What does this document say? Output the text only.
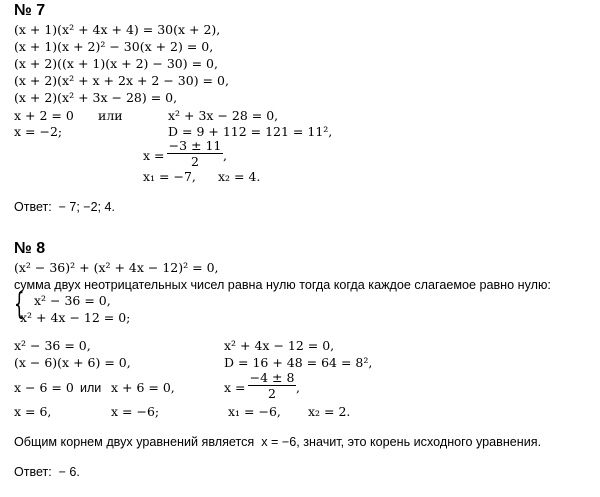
№ 7
(x + 1)(x² + 4x + 4) = 30(x + 2),
(x + 1)(x + 2)² − 30(x + 2) = 0,
(x + 2)((x + 1)(x + 2) − 30) = 0,
(x + 2)(x² + x + 2x + 2 − 30) = 0,
(x + 2)(x² + 3x − 28) = 0,
x + 2 = 0 или
x = −2;
x² + 3x − 28 = 0,
D = 9 + 112 = 121 = 11²,
x =
−3 ± 11
2	,
x₁ = −7, x₂ = 4.
Ответ:  − 7; −2; 4.
№ 8
(x² − 36)² + (x² + 4x − 12)² = 0,
сумма двух неотрицательных чисел равна нулю тогда когда каждое слагаемое равно нулю:
{ x² − 36 = 0,
x² + 4x − 12 = 0;
x² − 36 = 0,
(x − 6)(x + 6) = 0,
x − 6 = 0 или x + 6 = 0,
x = 6,	x = −6;
x² + 4x − 12 = 0,
D = 16 + 48 = 64 = 8²,
x =
−4 ± 8
2	,
x₁ = −6, x₂ = 2.
Общим корнем двух уравнений является  x = −6, значит, это корень исходного уравнения.
Ответ:  − 6.
